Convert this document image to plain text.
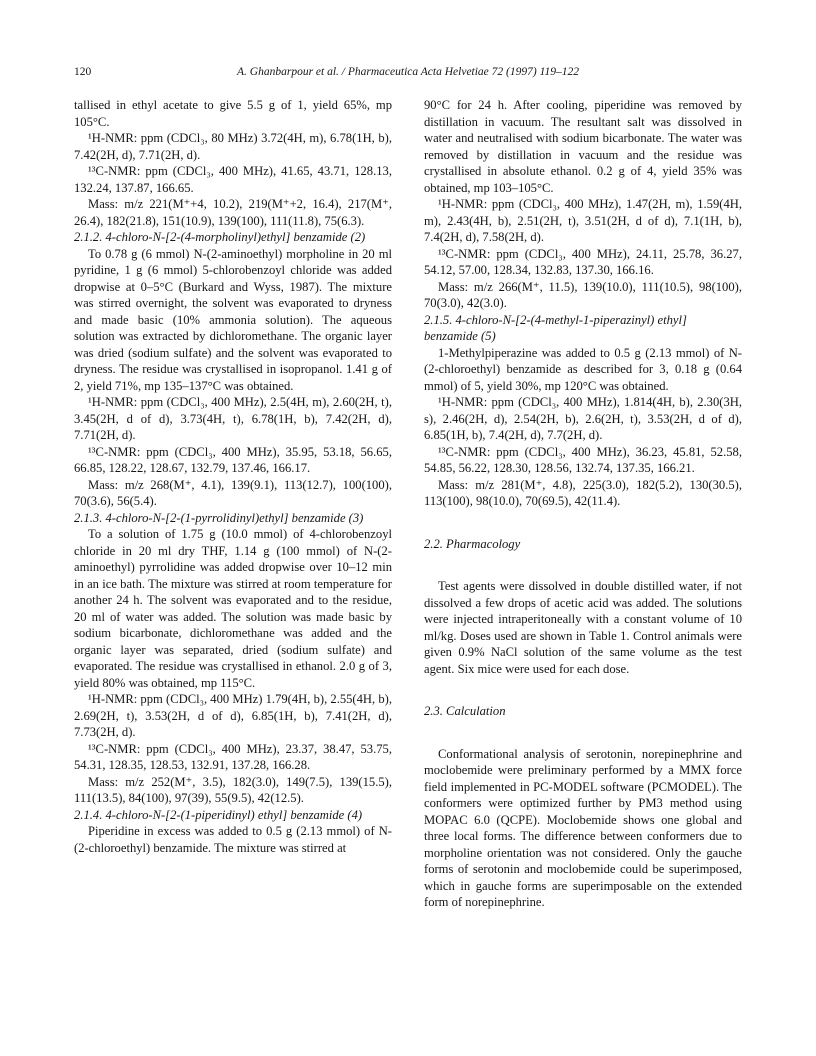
120	A. Ghanbarpour et al. / Pharmaceutica Acta Helvetiae 72 (1997) 119–122

tallised in ethyl acetate to give 5.5 g of 1, yield 65%, mp 105°C.

¹H-NMR: ppm (CDCl₃, 80 MHz) 3.72(4H, m), 6.78(1H, b), 7.42(2H, d), 7.71(2H, d).

¹³C-NMR: ppm (CDCl₃, 400 MHz), 41.65, 43.71, 128.13, 132.24, 137.87, 166.65.

Mass: m/z 221(M⁺+4, 10.2), 219(M⁺+2, 16.4), 217(M⁺, 26.4), 182(21.8), 151(10.9), 139(100), 111(11.8), 75(6.3).

2.1.2. 4-chloro-N-[2-(4-morpholinyl)ethyl] benzamide (2)

To 0.78 g (6 mmol) N-(2-aminoethyl) morpholine in 20 ml pyridine, 1 g (6 mmol) 5-chlorobenzoyl chloride was added dropwise at 0–5°C (Burkard and Wyss, 1987). The mixture was stirred overnight, the solvent was evaporated to dryness and made basic (10% ammonia solution). The aqueous solution was extracted by dichloromethane. The organic layer was dried (sodium sulfate) and the solvent was evaporated to dryness. The residue was crystallised in isopropanol. 1.41 g of 2, yield 71%, mp 135–137°C was obtained.

¹H-NMR: ppm (CDCl₃, 400 MHz), 2.5(4H, m), 2.60(2H, t), 3.45(2H, d of d), 3.73(4H, t), 6.78(1H, b), 7.42(2H, d), 7.71(2H, d).

¹³C-NMR: ppm (CDCl₃, 400 MHz), 35.95, 53.18, 56.65, 66.85, 128.22, 128.67, 132.79, 137.46, 166.17.

Mass: m/z 268(M⁺, 4.1), 139(9.1), 113(12.7), 100(100), 70(3.6), 56(5.4).

2.1.3. 4-chloro-N-[2-(1-pyrrolidinyl)ethyl] benzamide (3)

To a solution of 1.75 g (10.0 mmol) of 4-chlorobenzoyl chloride in 20 ml dry THF, 1.14 g (100 mmol) of N-(2-aminoethyl) pyrrolidine was added dropwise over 10–12 min in an ice bath. The mixture was stirred at room temperature for another 24 h. The solvent was evaporated and to the residue, 20 ml of water was added. The solution was made basic by sodium bicarbonate, dichloromethane was added and the organic layer was separated, dried (sodium sulfate) and evaporated. The residue was crystallised in ethanol. 2.0 g of 3, yield 80% was obtained, mp 115°C.

¹H-NMR: ppm (CDCl₃, 400 MHz) 1.79(4H, b), 2.55(4H, b), 2.69(2H, t), 3.53(2H, d of d), 6.85(1H, b), 7.41(2H, d), 7.73(2H, d).

¹³C-NMR: ppm (CDCl₃, 400 MHz), 23.37, 38.47, 53.75, 54.31, 128.35, 128.53, 132.91, 137.28, 166.28.

Mass: m/z 252(M⁺, 3.5), 182(3.0), 149(7.5), 139(15.5), 111(13.5), 84(100), 97(39), 55(9.5), 42(12.5).

2.1.4. 4-chloro-N-[2-(1-piperidinyl) ethyl] benzamide (4)

Piperidine in excess was added to 0.5 g (2.13 mmol) of N-(2-chloroethyl) benzamide. The mixture was stirred at

90°C for 24 h. After cooling, piperidine was removed by distillation in vacuum. The resultant salt was dissolved in water and neutralised with sodium bicarbonate. The water was removed by distillation in vacuum and the residue was crystallised in absolute ethanol. 0.2 g of 4, yield 35% was obtained, mp 103–105°C.

¹H-NMR: ppm (CDCl₃, 400 MHz), 1.47(2H, m), 1.59(4H, m), 2.43(4H, b), 2.51(2H, t), 3.51(2H, d of d), 7.1(1H, b), 7.4(2H, d), 7.58(2H, d).

¹³C-NMR: ppm (CDCl₃, 400 MHz), 24.11, 25.78, 36.27, 54.12, 57.00, 128.34, 132.83, 137.30, 166.16.

Mass: m/z 266(M⁺, 11.5), 139(10.0), 111(10.5), 98(100), 70(3.0), 42(3.0).

2.1.5. 4-chloro-N-[2-(4-methyl-1-piperazinyl) ethyl] benzamide (5)

1-Methylpiperazine was added to 0.5 g (2.13 mmol) of N-(2-chloroethyl) benzamide as described for 3, 0.18 g (0.64 mmol) of 5, yield 30%, mp 120°C was obtained.

¹H-NMR: ppm (CDCl₃, 400 MHz), 1.814(4H, b), 2.30(3H, s), 2.46(2H, d), 2.54(2H, b), 2.6(2H, t), 3.53(2H, d of d), 6.85(1H, b), 7.4(2H, d), 7.7(2H, d).

¹³C-NMR: ppm (CDCl₃, 400 MHz), 36.23, 45.81, 52.58, 54.85, 56.22, 128.30, 128.56, 132.74, 137.35, 166.21.

Mass: m/z 281(M⁺, 4.8), 225(3.0), 182(5.2), 130(30.5), 113(100), 98(10.0), 70(69.5), 42(11.4).

2.2. Pharmacology

Test agents were dissolved in double distilled water, if not dissolved a few drops of acetic acid was added. The solutions were injected intraperitoneally with a constant volume of 10 ml/kg. Doses used are shown in Table 1. Control animals were given 0.9% NaCl solution of the same volume as the test agent. Six mice were used for each dose.

2.3. Calculation

Conformational analysis of serotonin, norepinephrine and moclobemide were preliminary performed by a MMX force field implemented in PC-MODEL software (PCMODEL). The conformers were optimized further by PM3 method using MOPAC 6.0 (QCPE). Moclobemide shows one global and three local forms. The difference between conformers due to morpholine orientation was not considered. Only the gauche forms of serotonin and moclobemide could be superimposed, which in gauche forms are superimposable on the extended form of norepinephrine.
